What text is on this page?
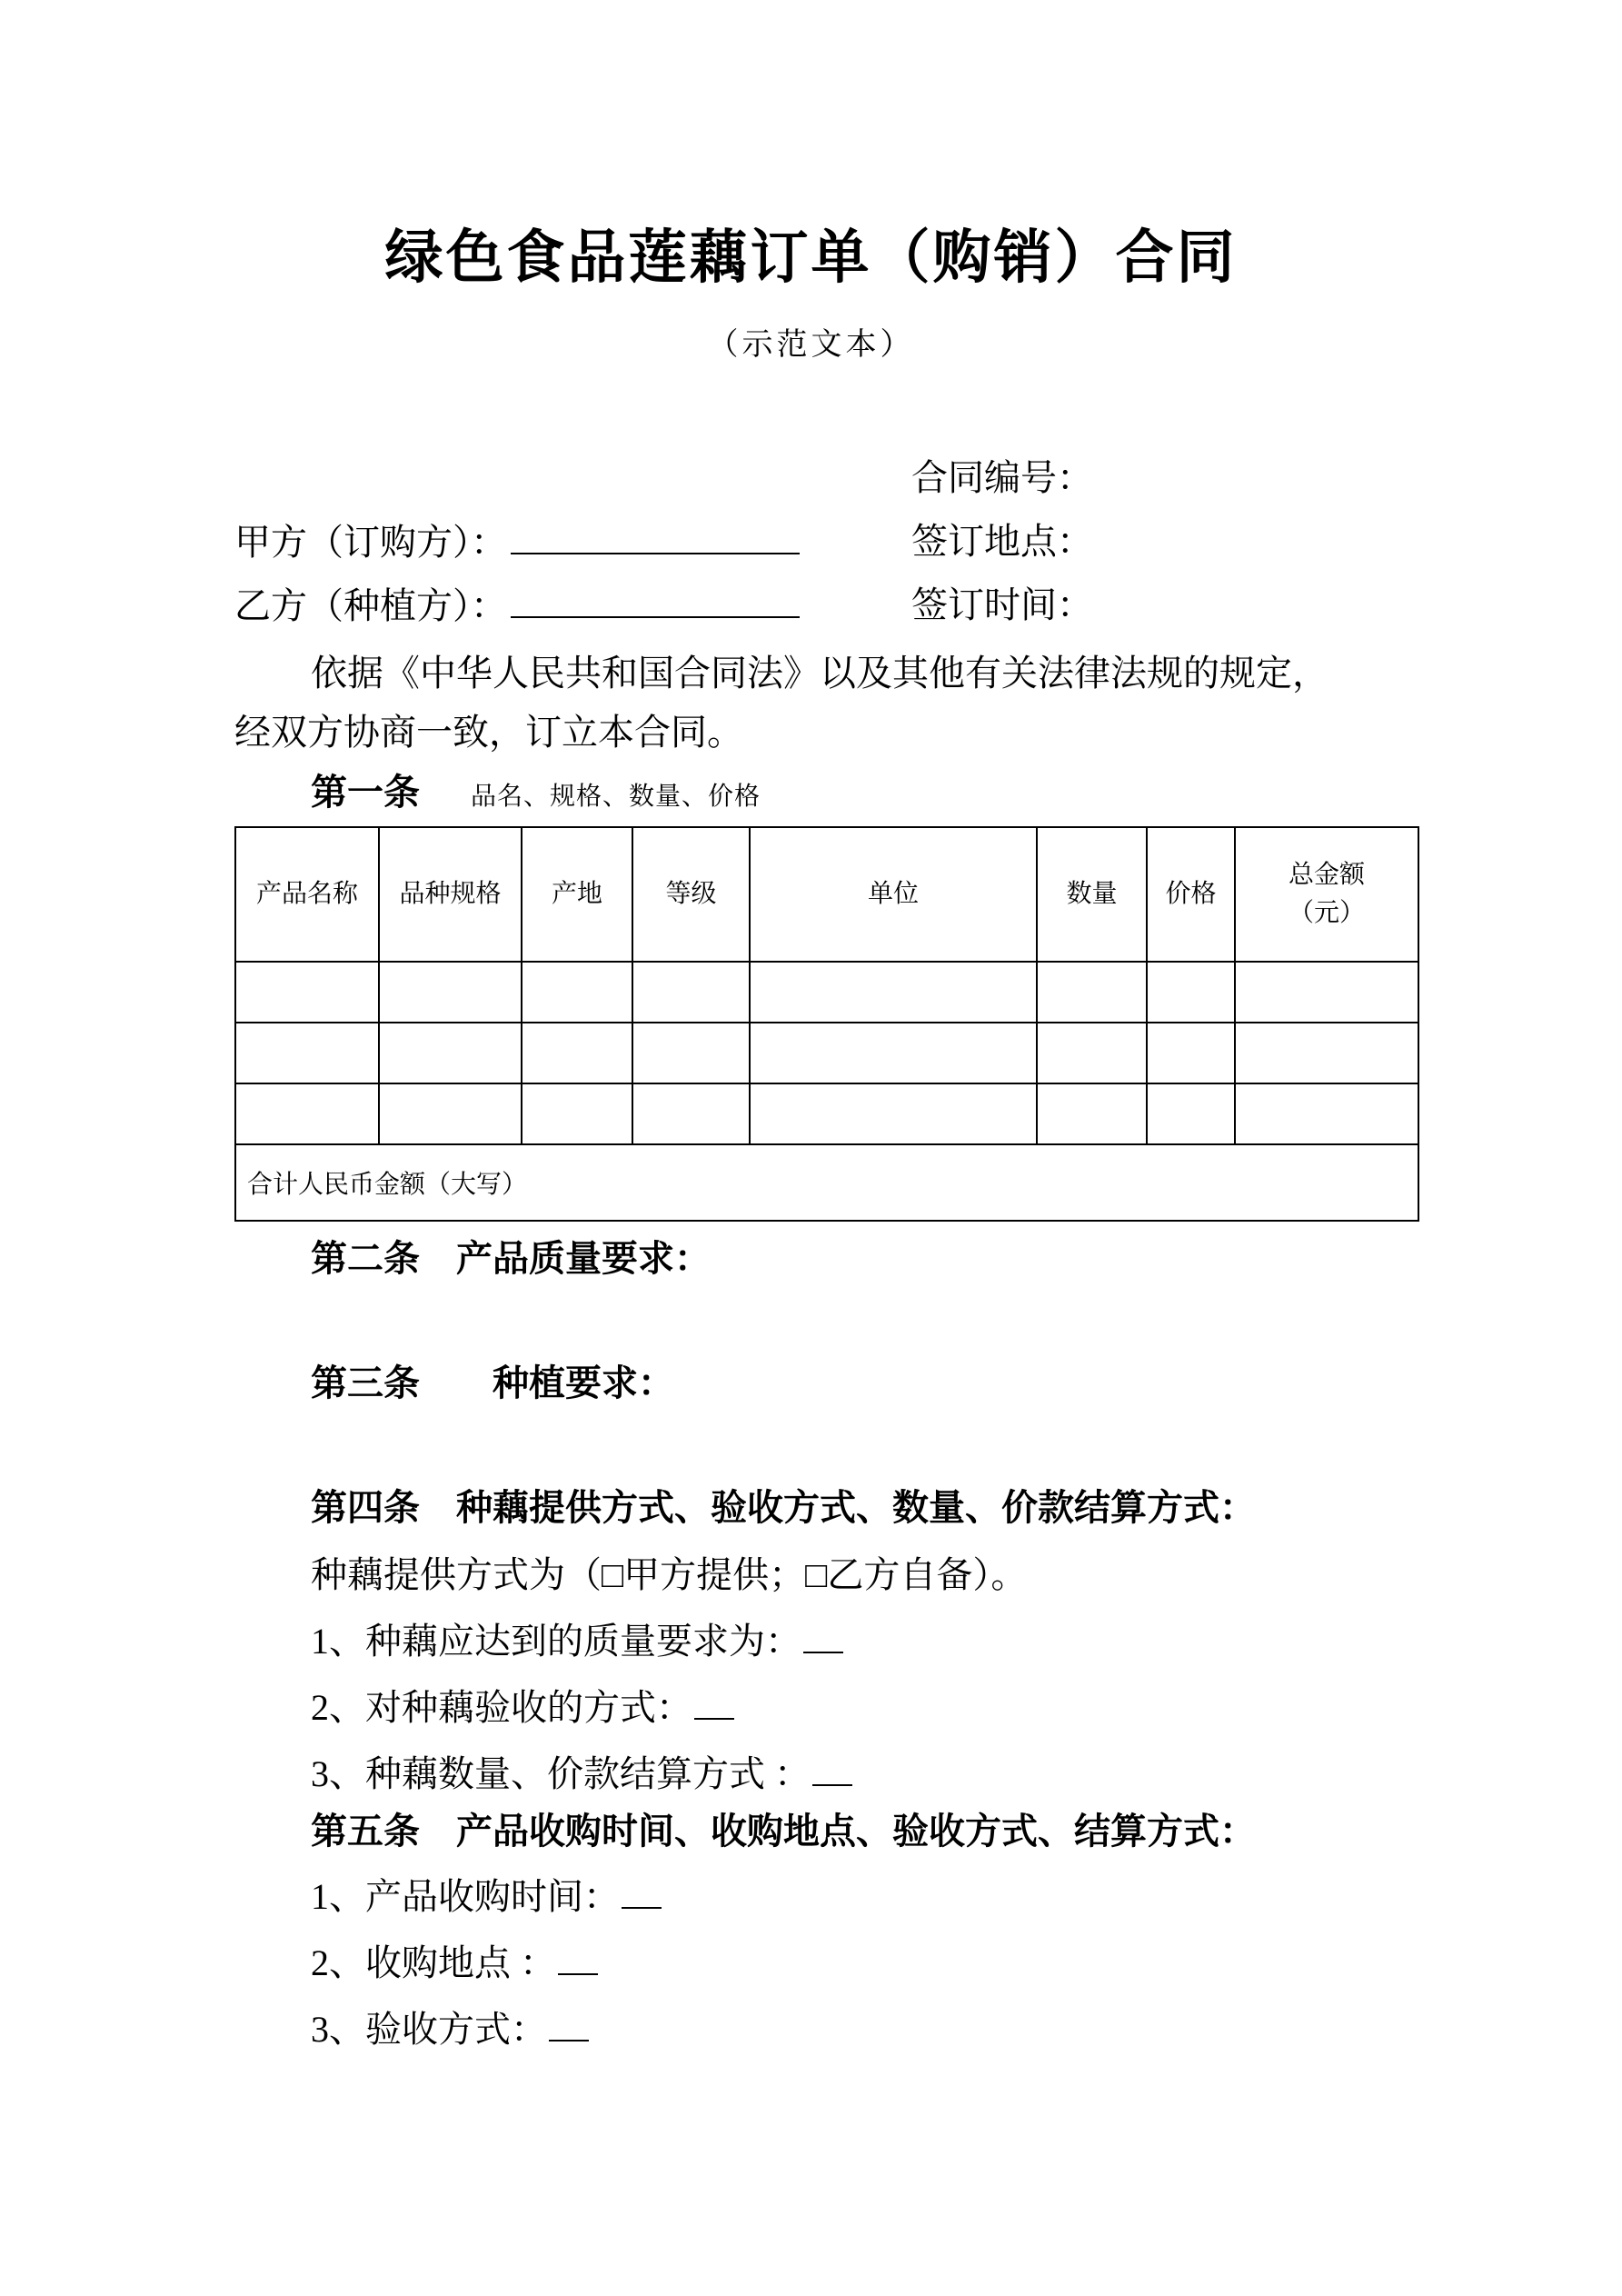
绿色食品莲藕订单（购销）合同
（示范文本）
合同编号：
甲方（订购方）：	签订地点：
乙方（种植方）：	签订时间：
依据《中华人民共和国合同法》以及其他有关法律法规的规定，
经双方协商一致，订立本合同。
第一条 品名、规格、数量、价格
产品名称	品种规格	产地	等级	单位	数量	价格	总金额
（元）

合计人民币金额（大写）							
第二条　产品质量要求：
第三条　　种植要求：
第四条　种藕提供方式、验收方式、数量、价款结算方式：
种藕提供方式为（□甲方提供；□乙方自备）。
1、种藕应达到的质量要求为：
2、对种藕验收的方式：
3、种藕数量、价款结算方式 ：
第五条　产品收购时间、收购地点、验收方式、结算方式：
1、产品收购时间：
2、收购地点 ：
3、验收方式：
